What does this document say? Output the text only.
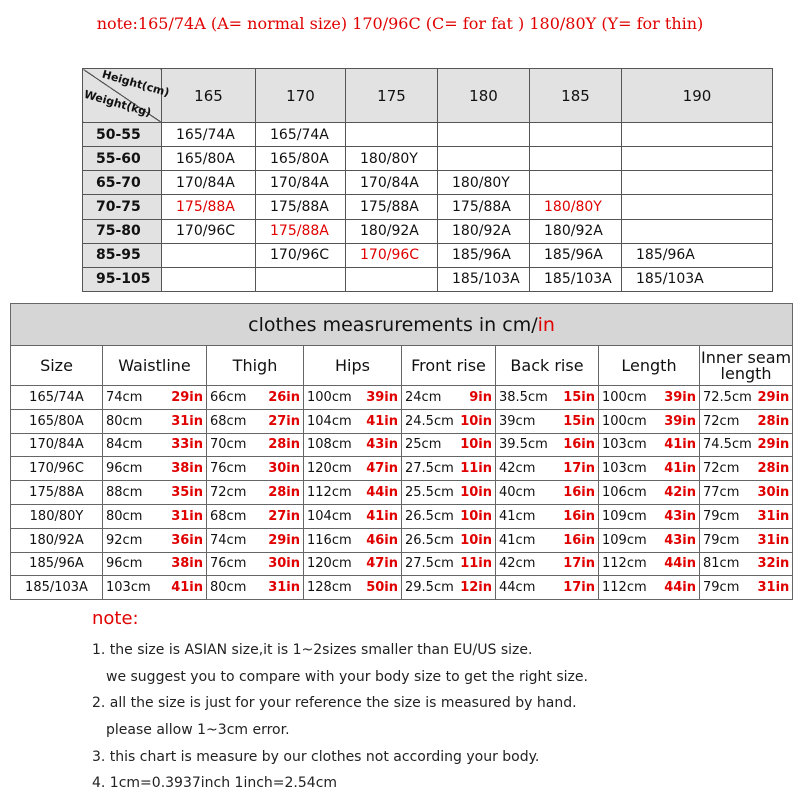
note:165/74A (A= normal size) 170/96C (C= for fat ) 180/80Y (Y= for thin)
Height(cm)
Weight(kg)	165	170	175	180	185	190
50-55	165/74A	165/74A				
55-60	165/80A	165/80A	180/80Y			
65-70	170/84A	170/84A	170/84A	180/80Y		
70-75	175/88A	175/88A	175/88A	175/88A	180/80Y	
75-80	170/96C	175/88A	180/92A	180/92A	180/92A	
85-95		170/96C	170/96C	185/96A	185/96A	185/96A
95-105				185/103A	185/103A	185/103A
clothes measrurements in cm/in														
Size	Waistline		Thigh		Hips		Front rise		Back rise		Length		Inner seam length	
165/74A	74cm	29in	66cm	26in	100cm	39in	24cm	9in	38.5cm	15in	100cm	39in	72.5cm	29in
165/80A	80cm	31in	68cm	27in	104cm	41in	24.5cm	10in	39cm	15in	100cm	39in	72cm	28in
170/84A	84cm	33in	70cm	28in	108cm	43in	25cm	10in	39.5cm	16in	103cm	41in	74.5cm	29in
170/96C	96cm	38in	76cm	30in	120cm	47in	27.5cm	11in	42cm	17in	103cm	41in	72cm	28in
175/88A	88cm	35in	72cm	28in	112cm	44in	25.5cm	10in	40cm	16in	106cm	42in	77cm	30in
180/80Y	80cm	31in	68cm	27in	104cm	41in	26.5cm	10in	41cm	16in	109cm	43in	79cm	31in
180/92A	92cm	36in	74cm	29in	116cm	46in	26.5cm	10in	41cm	16in	109cm	43in	79cm	31in
185/96A	96cm	38in	76cm	30in	120cm	47in	27.5cm	11in	42cm	17in	112cm	44in	81cm	32in
185/103A	103cm	41in	80cm	31in	128cm	50in	29.5cm	12in	44cm	17in	112cm	44in	79cm	31in
note:
1. the size is ASIAN size,it is 1~2sizes smaller than EU/US size.
we suggest you to compare with your body size to get the right size.
2. all the size is just for your reference the size is measured by hand.
please allow 1~3cm error.
3. this chart is measure by our clothes not according your body.
4. 1cm=0.3937inch 1inch=2.54cm
